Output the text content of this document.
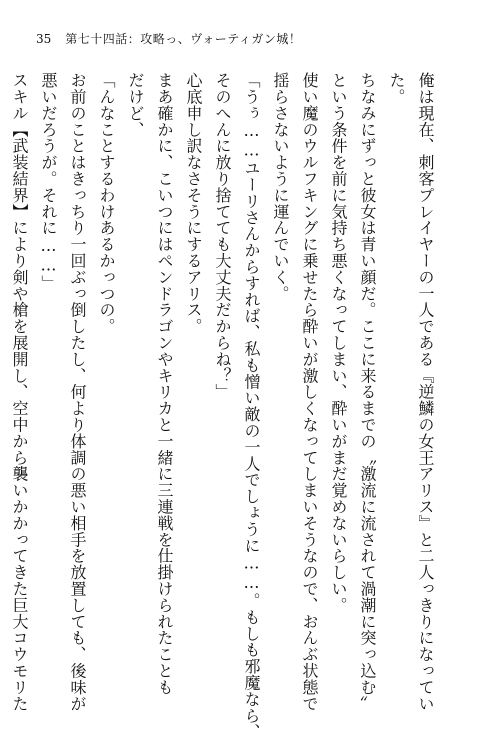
35 第七十四話：攻略っ、ヴォーティガン城！
俺は現在、刺客プレイヤーの一人である『逆鱗の女王アリス』と二人っきりになってい
た。
ちなみにずっと彼女は青い顔だ。ここに来るまでの〝激流に流されて渦潮に突っ込む〟
という条件を前に気持ち悪くなってしまい、酔いがまだ覚めないらしい。
使い魔のウルフキングに乗せたら酔いが激しくなってしまいそうなので、おんぶ状態で
揺らさないように運んでいく。
「うぅ……ユーリさんからすれば、私も憎い敵の一人でしょうに……。もしも邪魔なら、
そのへんに放り捨てても大丈夫だからね？」
心底申し訳なさそうにするアリス。
まあ確かに、こいつにはペンドラゴンやキリカと一緒に三連戦を仕掛けられたことも
だけど、
「んなことするわけあるかっつの。
お前のことはきっちり一回ぶっ倒したし、何より体調の悪い相手を放置しても、後味が
悪いだろうが。それに……」
スキル【武装結界】により剣や槍を展開し、空中から襲いかかってきた巨大コウモリた
